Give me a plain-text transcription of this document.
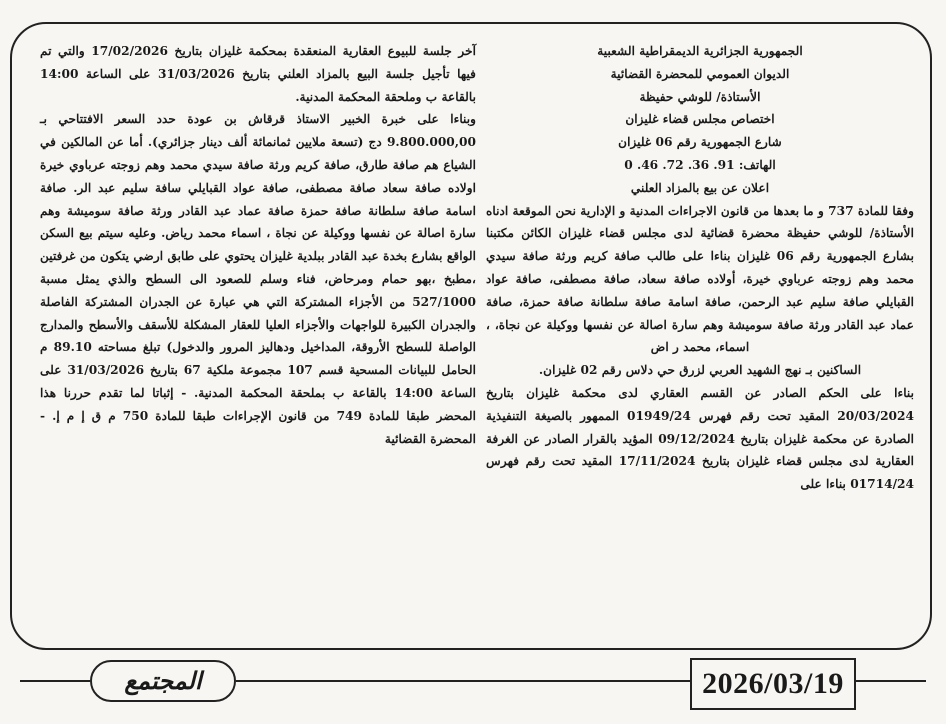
الجمهورية الجزائرية الديمقراطية الشعبية

الديوان العمومي للمحضرة القضائية

الأستاذة/ للوشي حفيظة

اختصاص مجلس قضاء غليزان

شارع الجمهورية رقم 06 غليزان

الهاتف: 91. 36. 72. 46. 0

اعلان عن بيع بالمزاد العلني

وفقا للمادة 737 و ما بعدها من قانون الاجراءات المدنية و الإدارية نحن الموقعة ادناه الأستاذة/ للوشي حفيظة محضرة قضائية لدى مجلس قضاء غليزان الكائن مكتبنا بشارع الجمهورية رقم 06 غليزان بناءا على طالب صافة كريم ورثة صافة سيدي محمد وهم زوجته عرباوي خيرة، أولاده صافة سعاد، صافة مصطفى، صافة عواد القبايلي صافة سليم عبد الرحمن، صافة اسامة صافة سلطانة صافة حمزة، صافة عماد عبد القادر ورثة صافة سوميشة وهم سارة اصالة عن نفسها ووكيلة عن نجاة، ، اسماء، محمد ر اض

الساكنين بـ نهج الشهيد العربي لزرق حي دلاس رقم 02 غليزان.

بناءا على الحكم الصادر عن القسم العقاري لدى محكمة غليزان بتاريخ 20/03/2024 المقيد تحت رقم فهرس 01949/24 الممهور بالصيغة التنفيذية الصادرة عن محكمة غليزان بتاريخ 09/12/2024 المؤيد بالقرار الصادر عن الغرفة العقارية لدى مجلس قضاء غليزان بتاريخ 17/11/2024 المقيد تحت رقم فهرس 01714/24 بناءا على

آخر جلسة للبيوع العقارية المنعقدة بمحكمة غليزان بتاريخ 17/02/2026 والتي تم فيها تأجيل جلسة البيع بالمزاد العلني بتاريخ 31/03/2026 على الساعة 14:00 بالقاعة ب وملحقة المحكمة المدنية.

وبناءا على خبرة الخبير الاستاذ قرقاش بن عودة حدد السعر الافتتاحي بـ 9.800.000,00 دج (تسعة ملايين ثمانمائة ألف دينار جزائري). أما عن المالكين في الشياع هم صافة طارق، صافة كريم ورثة صافة سيدي محمد وهم زوجته عرباوي خيرة اولاده صافة سعاد صافة مصطفى، صافة عواد القبايلي سافة سليم عبد الر. صافة اسامة صافة سلطانة صافة حمزة صافة عماد عبد القادر ورثة صافة سوميشة وهم سارة اصالة عن نفسها ووكيلة عن نجاة ، اسماء محمد رياض. وعليه سيتم بيع السكن الواقع بشارع بخدة عبد القادر ببلدية غليزان يحتوي على طابق ارضي يتكون من غرفتين ،مطبخ ،بهو حمام ومرحاض، فناء وسلم للصعود الى السطح والذي يمثل مسبة 527/1000 من الأجزاء المشتركة التي هي عبارة عن الجدران المشتركة الفاصلة والجدران الكبيرة للواجهات والأجزاء العليا للعقار المشكلة للأسقف والأسطح والمدارج الواصلة للسطح الأروقة، المداخيل ودهاليز المرور والدخول) تبلغ مساحته 89.10 م الحامل للبيانات المسحية قسم 107 مجموعة ملكية 67 بتاريخ 31/03/2026 على الساعة 14:00 بالقاعة ب بملحقة المحكمة المدنية. - إثباتا لما تقدم حررنا هذا المحضر طبقا للمادة 749 من قانون الإجراءات طبقا للمادة 750 م ق إ م إ. - المحضرة القضائية

المجتمع	2026/03/19
